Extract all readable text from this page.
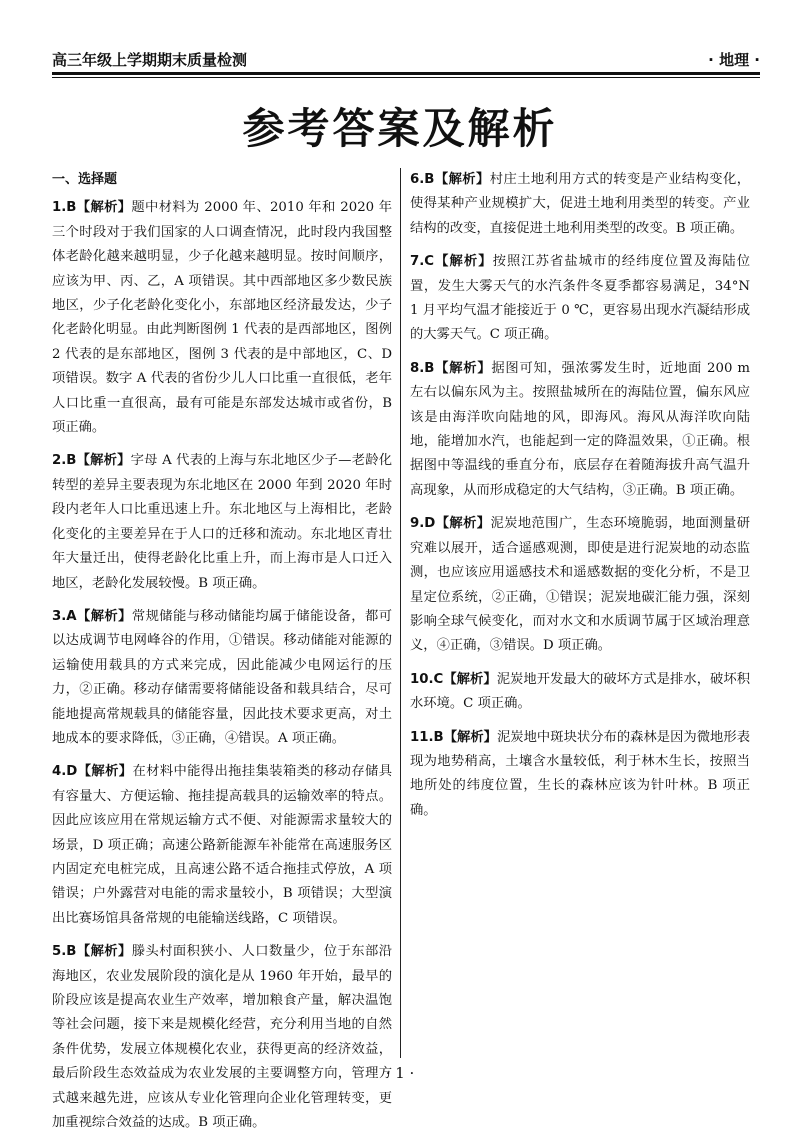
高三年级上学期期末质量检测	· 地理 ·
参考答案及解析
一、选择题
1.B【解析】题中材料为 2000 年、2010 年和 2020 年三个时段对于我们国家的人口调查情况，此时段内我国整体老龄化越来越明显，少子化越来越明显。按时间顺序，应该为甲、丙、乙，A 项错误。其中西部地区多少数民族地区，少子化老龄化变化小，东部地区经济最发达，少子化老龄化明显。由此判断图例 1 代表的是西部地区，图例 2 代表的是东部地区，图例 3 代表的是中部地区，C、D 项错误。数字 A 代表的省份少儿人口比重一直很低，老年人口比重一直很高，最有可能是东部发达城市或省份，B 项正确。
2.B【解析】字母 A 代表的上海与东北地区少子—老龄化转型的差异主要表现为东北地区在 2000 年到 2020 年时段内老年人口比重迅速上升。东北地区与上海相比，老龄化变化的主要差异在于人口的迁移和流动。东北地区青壮年大量迁出，使得老龄化比重上升，而上海市是人口迁入地区，老龄化发展较慢。B 项正确。
3.A【解析】常规储能与移动储能均属于储能设备，都可以达成调节电网峰谷的作用，①错误。移动储能对能源的运输使用载具的方式来完成，因此能减少电网运行的压力，②正确。移动存储需要将储能设备和载具结合，尽可能地提高常规载具的储能容量，因此技术要求更高，对土地成本的要求降低，③正确，④错误。A 项正确。
4.D【解析】在材料中能得出拖挂集装箱类的移动存储具有容量大、方便运输、拖挂提高载具的运输效率的特点。因此应该应用在常规运输方式不便、对能源需求量较大的场景，D 项正确；高速公路新能源车补能常在高速服务区内固定充电桩完成，且高速公路不适合拖挂式停放，A 项错误；户外露营对电能的需求量较小，B 项错误；大型演出比赛场馆具备常规的电能输送线路，C 项错误。
5.B【解析】滕头村面积狭小、人口数量少，位于东部沿海地区，农业发展阶段的演化是从 1960 年开始，最早的阶段应该是提高农业生产效率，增加粮食产量，解决温饱等社会问题，接下来是规模化经营，充分利用当地的自然条件优势，发展立体规模化农业，获得更高的经济效益，最后阶段生态效益成为农业发展的主要调整方向，管理方式越来越先进，应该从专业化管理向企业化管理转变，更加重视综合效益的达成。B 项正确。
6.B【解析】村庄土地利用方式的转变是产业结构变化，使得某种产业规模扩大，促进土地利用类型的转变。产业结构的改变，直接促进土地利用类型的改变。B 项正确。
7.C【解析】按照江苏省盐城市的经纬度位置及海陆位置，发生大雾天气的水汽条件冬夏季都容易满足，34°N 1 月平均气温才能接近于 0 ℃，更容易出现水汽凝结形成的大雾天气。C 项正确。
8.B【解析】据图可知，强浓雾发生时，近地面 200 m 左右以偏东风为主。按照盐城所在的海陆位置，偏东风应该是由海洋吹向陆地的风，即海风。海风从海洋吹向陆地，能增加水汽，也能起到一定的降温效果，①正确。根据图中等温线的垂直分布，底层存在着随海拔升高气温升高现象，从而形成稳定的大气结构，③正确。B 项正确。
9.D【解析】泥炭地范围广，生态环境脆弱，地面测量研究难以展开，适合遥感观测，即使是进行泥炭地的动态监测，也应该应用遥感技术和遥感数据的变化分析，不是卫星定位系统，②正确，①错误；泥炭地碳汇能力强，深刻影响全球气候变化，而对水文和水质调节属于区域治理意义，④正确，③错误。D 项正确。
10.C【解析】泥炭地开发最大的破坏方式是排水，破坏积水环境。C 项正确。
11.B【解析】泥炭地中斑块状分布的森林是因为微地形表现为地势稍高，土壤含水量较低，利于林木生长，按照当地所处的纬度位置，生长的森林应该为针叶林。B 项正确。
· 1 ·
